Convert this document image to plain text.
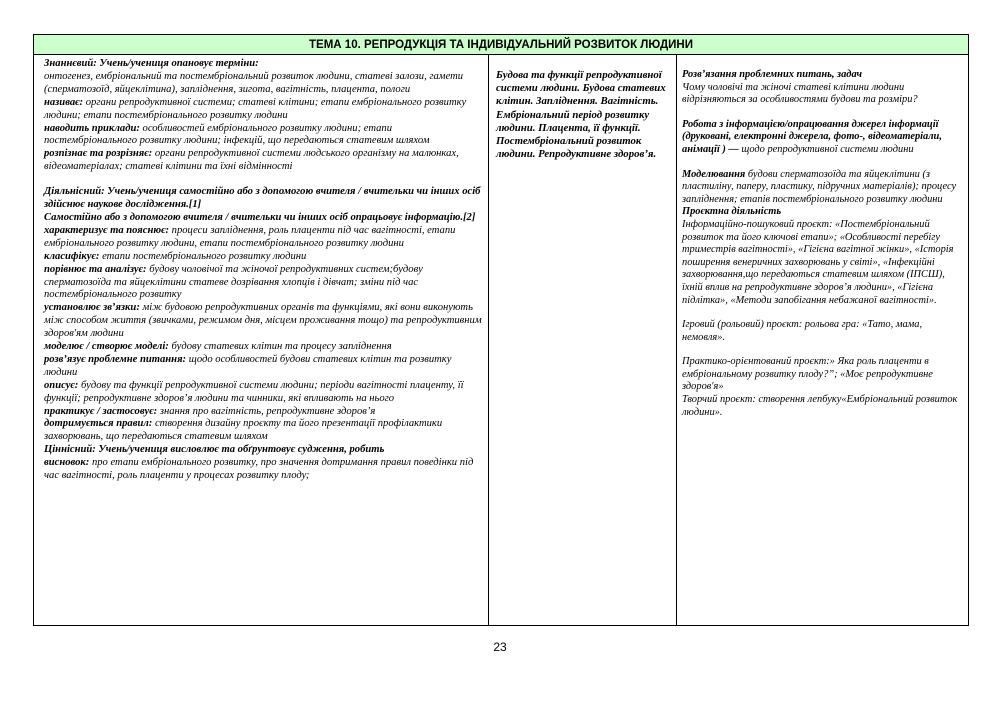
ТЕМА 10. РЕПРОДУКЦІЯ ТА ІНДИВІДУАЛЬНИЙ РОЗВИТОК ЛЮДИНИ

Знаннєвий: Учень/учениця опановує терміни:

онтогенез, ембріональний та постембріональний розвиток людини, статеві залози, гамети (сперматозоїд, яйцеклітина), запліднення, зигота, вагітність, плацента, пологи

називає: органи репродуктивної системи; статеві клітини; етапи ембріонального розвитку людини; етапи постембріонального розвитку людини

наводить приклади: особливостей ембріонального розвитку людини; етапи постембріонального розвитку людини; інфекцій, що передаються статевим шляхом

розпізнає та розрізняє: органи репродуктивної системи людського організму на малюнках, відеоматеріалах; статеві клітини та їхні відмінності

Діяльнісний: Учень/учениця самостійно або з допомогою вчителя / вчительки чи інших осіб здійснює наукове дослідження.[1]

Самостійно або з допомогою вчителя / вчительки чи інших осіб опрацьовує інформацію.[2]

характеризує та пояснює: процеси запліднення, роль плаценти під час вагітності, етапи ембріонального розвитку людини, етапи постембріонального розвитку людини

класифікує: етапи постембріонального розвитку людини

порівнює та аналізує: будову чоловічої та жіночої репродуктивних систем;будову сперматозоїда та яйцеклітини статеве дозрівання хлопців і дівчат; зміни під час постембріонального розвитку

установлює зв’язки: між будовою репродуктивних органів та функціями, які вони виконують між способом життя (звичками, режимом дня, місцем проживання тощо) та репродуктивним здоров'ям людини

моделює / створює моделі: будову статевих клітин та процесу запліднення

розв’язує проблемне питання: щодо особливостей будови статевих клітин та розвитку людини

описує: будову та функції репродуктивної системи людини; періоди вагітності плаценту, її функції; репродуктивне здоров’я людини та чинники, які впливають на нього

практикує / застосовує: знання про вагітність, репродуктивне здоров’я

дотримується правил: створення дизайну проєкту та його презентації профілактики захворювань, що передаються статевим шляхом

Ціннісний: Учень/учениця висловлює та обґрунтовує судження, робить

висновок: про етапи ембріонального розвитку, про значення дотримання правил поведінки під час вагітності, роль плаценти у процесах розвитку плоду;

Будова та функції репродуктивної системи людини. Будова статевих клітин. Запліднення. Вагітність. Ембріональний період розвитку людини. Плацента, її функції. Постембріональний розвиток людини. Репродуктивне здоров’я.

Розв’язання проблемних питань, задач

Чому чоловічі та жіночі статеві клітини людини відрізняються за особливостями будови та розміри?

Робота з інформацією/опрацювання джерел інформації (друковані, електронні джерела, фото-, відеоматеріали, анімації ) — щодо репродуктивної системи людини

Моделювання будови сперматозоїда та яйцеклітини (з пластиліну, паперу, пластику, підручних матеріалів); процесу запліднення; етапів постембріонального розвитку людини

Проєктна діяльність

Інформаційно-пошуковий проєкт: «Постембріональний розвиток та його ключові етапи»; «Особливості перебігу триместрів вагітності», «Гігієна вагітної жінки», «Історія поширення венеричних захворювань у світі», «Інфекційні захворювання,що передаються статевим шляхом (ІПСШ), їхній вплив на репродуктивне здоров’я людини», «Гігієна підлітка», «Методи запобігання небажаної вагітності».

Ігровий (рольовий) проєкт: рольова гра: «Тато, мама, немовля».

Практико-орієнтований проєкт:» Яка роль плаценти в ембріональному розвитку плоду?”; «Моє репродуктивне здоров'я»

Творчий проєкт: створення лепбуку«Ембріональний розвиток людини».

23
